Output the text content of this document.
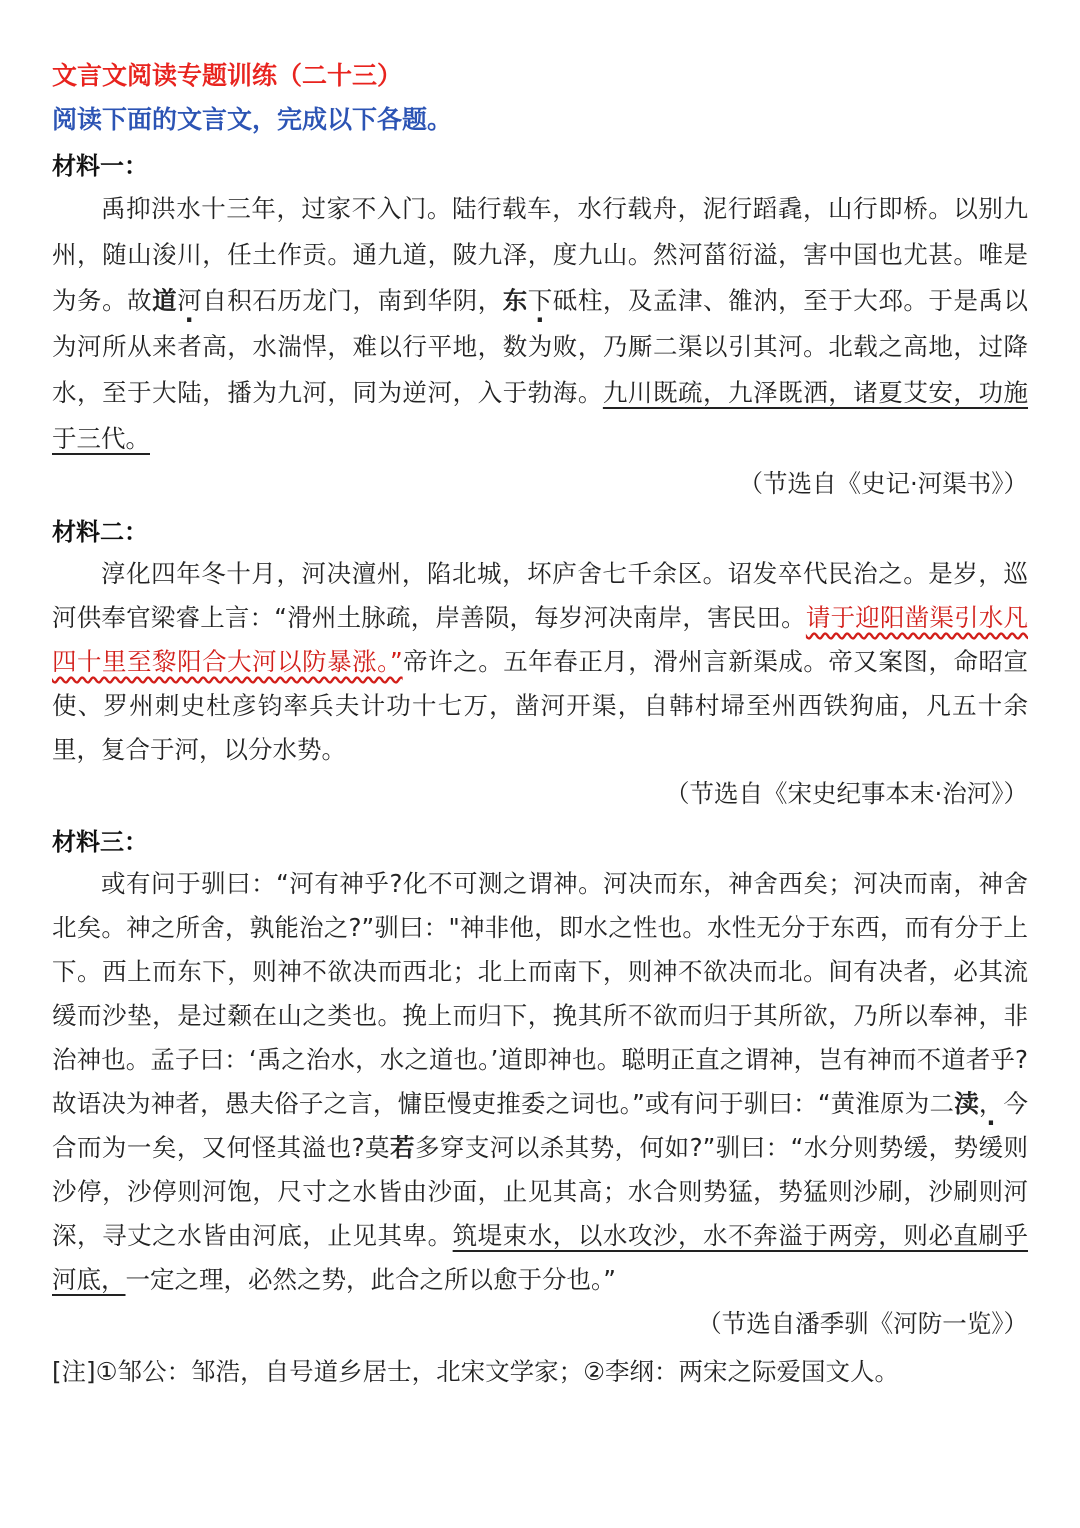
文言文阅读专题训练（二十三）
阅读下面的文言文，完成以下各题。
材料一：

禹抑洪水十三年，过家不入门。陆行载车，水行载舟，泥行蹈毳，山行即桥。以别九州，随山浚川，任土作贡。通九道，陂九泽，度九山。然河菑衍溢，害中国也尤甚。唯是为务。故道河自积石历龙门，南到华阴，东下砥柱，及孟津、雒汭，至于大邳。于是禹以为河所从来者高，水湍悍，难以行平地，数为败，乃厮二渠以引其河。北载之高地，过降水，至于大陆，播为九河，同为逆河，入于勃海。九川既疏，九泽既洒，诸夏艾安，功施于三代。

（节选自《史记·河渠书》）
材料二：

淳化四年冬十月，河决澶州，陷北城，坏庐舍七千余区。诏发卒代民治之。是岁，巡河供奉官梁睿上言：“滑州土脉疏，岸善陨，每岁河决南岸，害民田。请于迎阳凿渠引水凡四十里至黎阳合大河以防暴涨。”帝许之。五年春正月，滑州言新渠成。帝又案图，命昭宣使、罗州刺史杜彦钧率兵夫计功十七万，凿河开渠，自韩村埽至州西铁狗庙，凡五十余里，复合于河，以分水势。

（节选自《宋史纪事本末·治河》）
材料三：

或有问于驯曰：“河有神乎?化不可测之谓神。河决而东，神舍西矣；河决而南，神舍北矣。神之所舍，孰能治之?”驯曰："神非他，即水之性也。水性无分于东西，而有分于上下。西上而东下，则神不欲决而西北；北上而南下，则神不欲决而北。间有决者，必其流缓而沙垫，是过颡在山之类也。挽上而归下，挽其所不欲而归于其所欲，乃所以奉神，非治神也。孟子曰：‘禹之治水，水之道也。’道即神也。聪明正直之谓神，岂有神而不道者乎?故语决为神者，愚夫俗子之言，慵臣慢吏推委之词也。”或有问于驯曰：“黄淮原为二渎，今合而为一矣，又何怪其溢也?莫若多穿支河以杀其势，何如?”驯曰：“水分则势缓，势缓则沙停，沙停则河饱，尺寸之水皆由沙面，止见其高；水合则势猛，势猛则沙刷，沙刷则河深，寻丈之水皆由河底，止见其卑。筑堤束水，以水攻沙，水不奔溢于两旁，则必直刷乎河底，一定之理，必然之势，此合之所以愈于分也。”

（节选自潘季驯《河防一览》）
[注]①邹公：邹浩，自号道乡居士，北宋文学家；②李纲：两宋之际爱国文人。
